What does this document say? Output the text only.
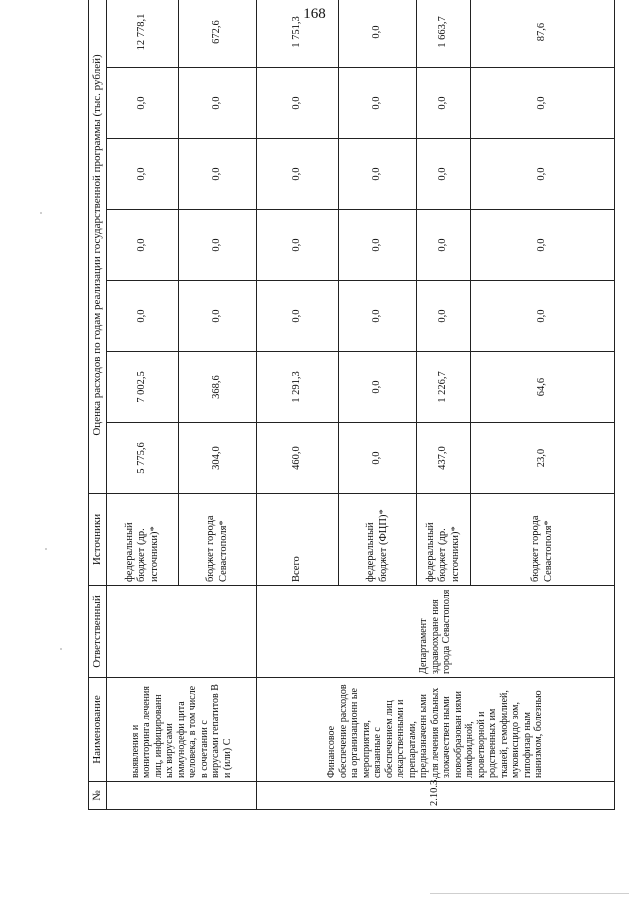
168
№	Наименование	Ответственный	Источники	Оценка расходов по годам реализации государственной программы (тыс. рублей)						
	выявления и мониторинга лечения лиц, инфицированн ых вирусами иммунодефи цита человека, в том числе в сочетании с вирусами гепатитов В и (или) С		федеральный бюджет (др. источники)*	5 775,6	7 002,5	0,0	0,0	0,0	0,0	12 778,1
			бюджет города Севастополя*	304,0	368,6	0,0	0,0	0,0	0,0	672,6
2.10.3.	Финансовое обеспечение расходов на организационн ые мероприятия, связанные с обеспечением лиц лекарственными и препаратами, предназначенн ыми для лечения больных злокачествен ными новообразован иями лимфоидной, кроветворной и родственных им тканей, гемофилией, муковисцидо зом, гипофизар ным нанизмом, болезнью	Департамент здравоохране ния города Севастополя	Всего	460,0	1 291,3	0,0	0,0	0,0	0,0	1 751,3
			федеральный бюджет (ФЦП)*	0,0	0,0	0,0	0,0	0,0	0,0	0,0
			федеральный бюджет (др. источники)*	437,0	1 226,7	0,0	0,0	0,0	0,0	1 663,7
			бюджет города Севастополя*	23,0	64,6	0,0	0,0	0,0	0,0	87,6
